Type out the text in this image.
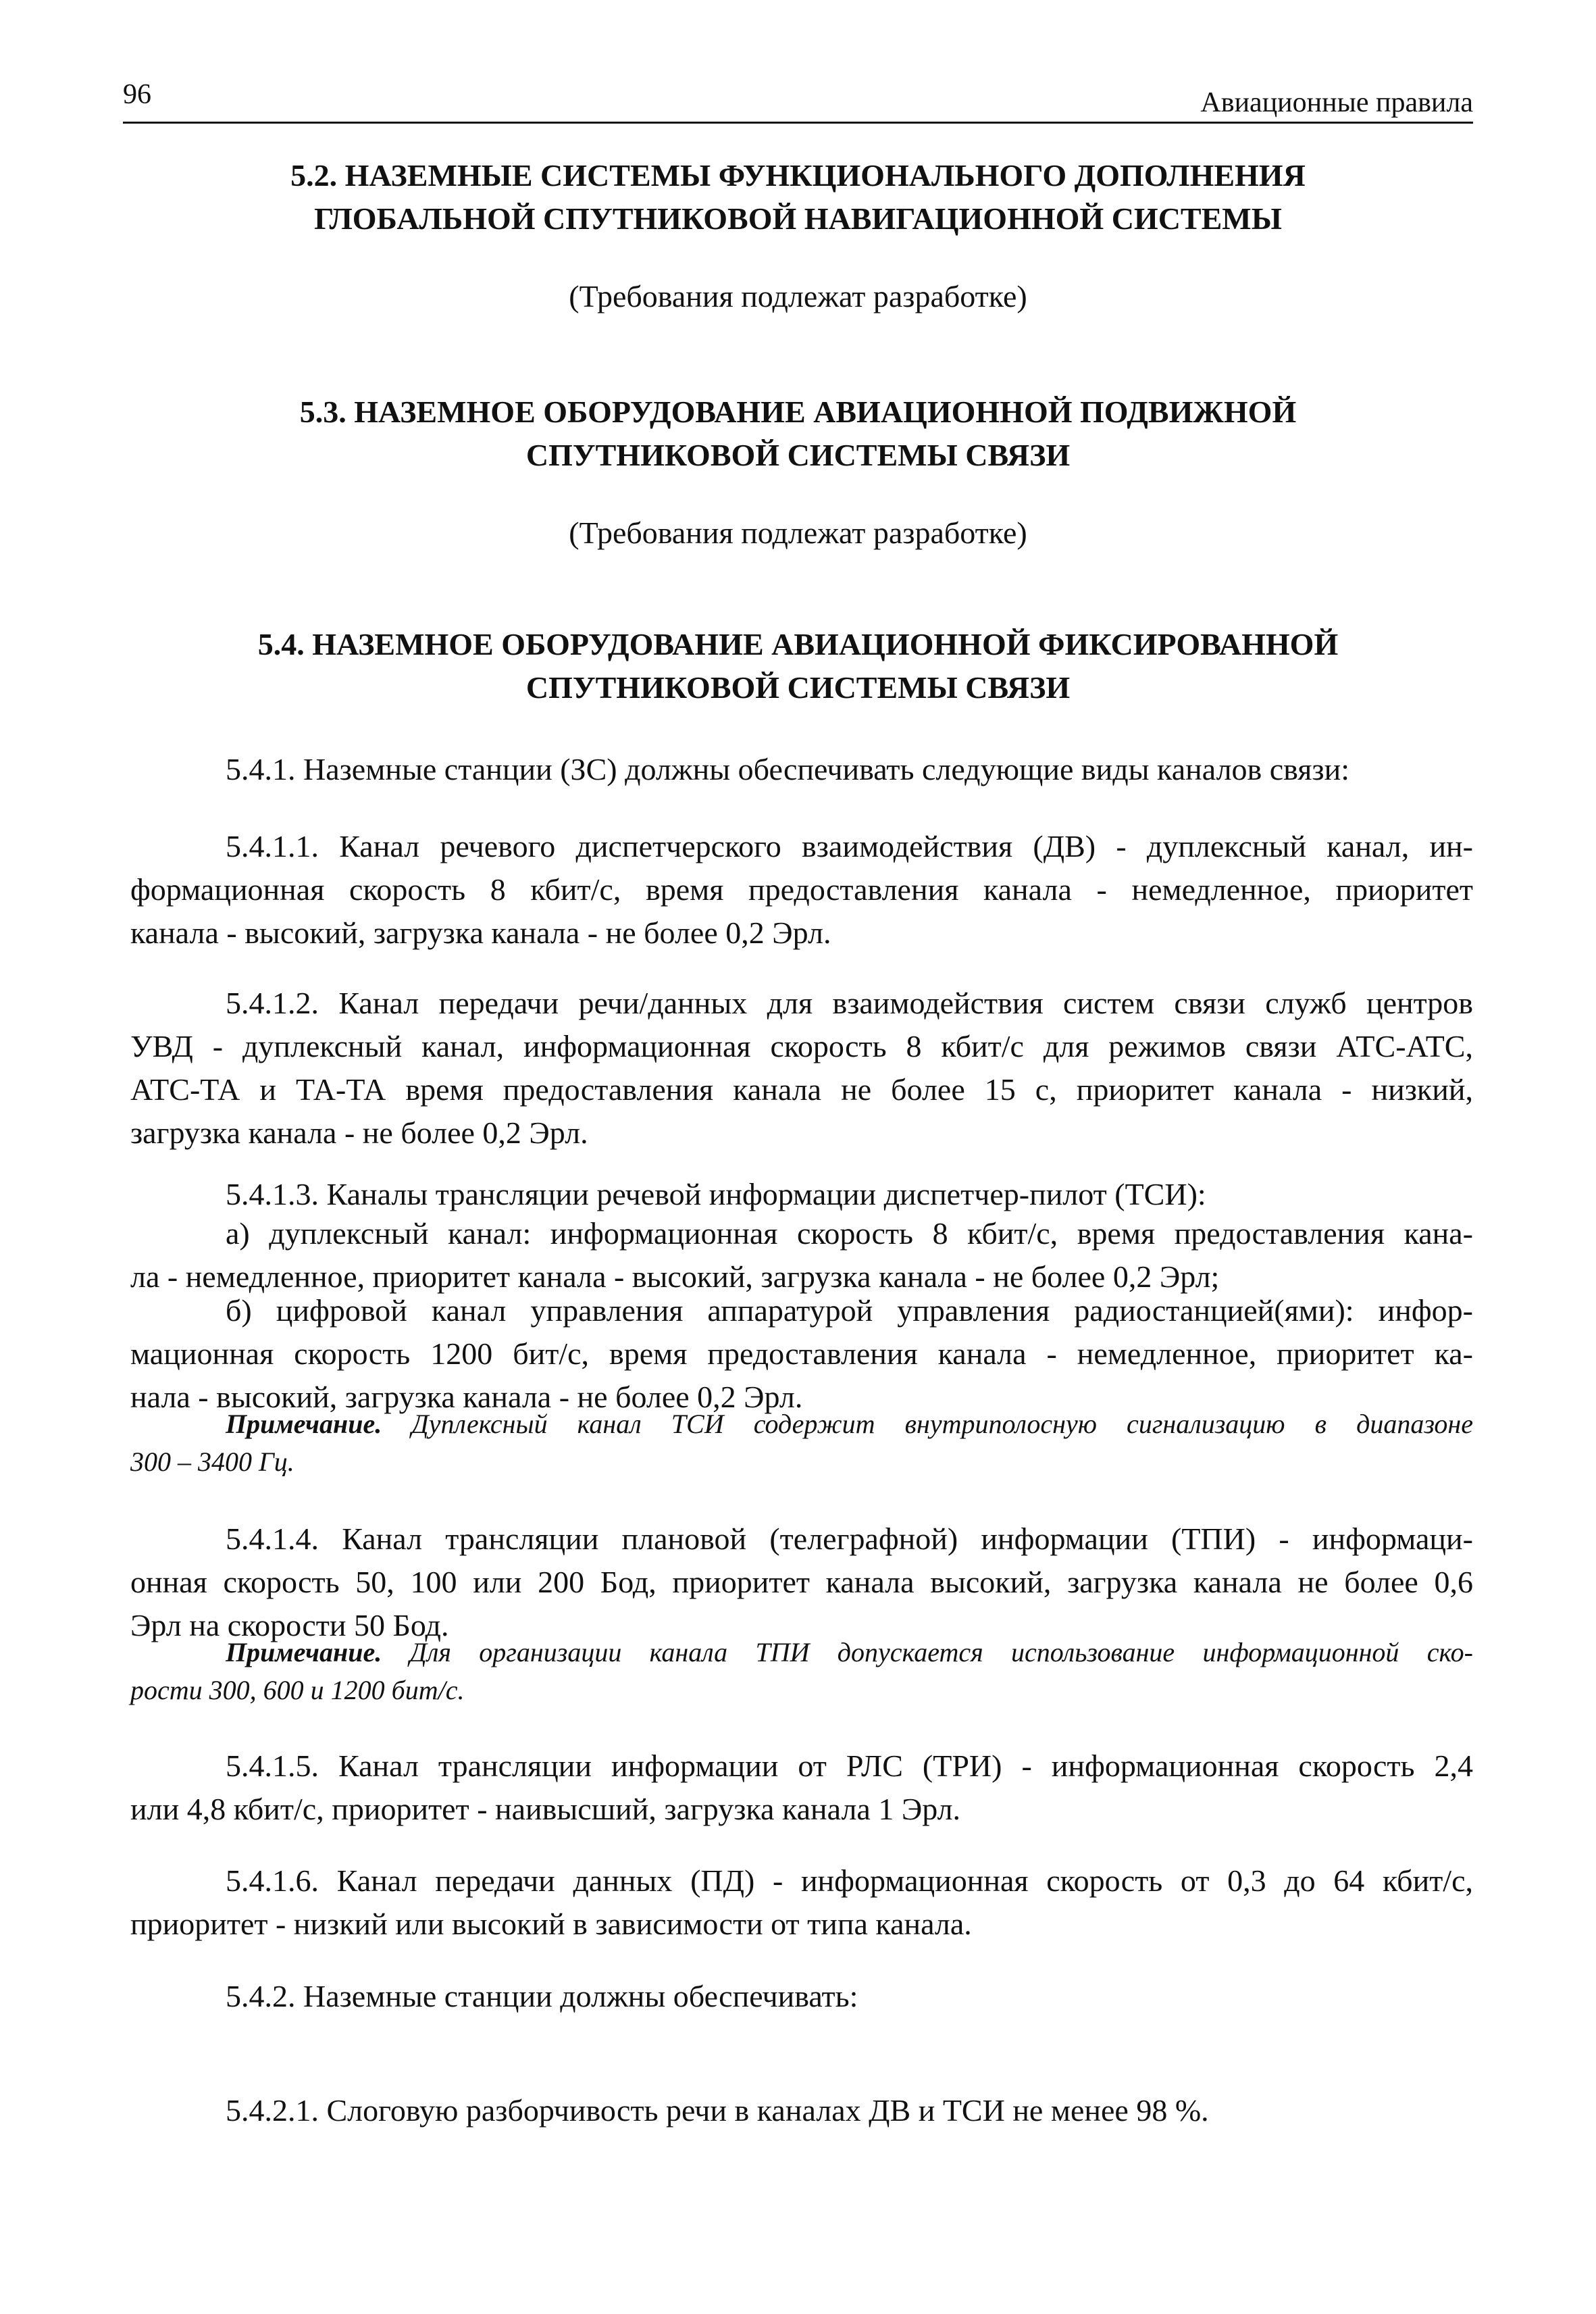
96	Авиационные правила
5.2. НАЗЕМНЫЕ СИСТЕМЫ ФУНКЦИОНАЛЬНОГО ДОПОЛНЕНИЯ
ГЛОБАЛЬНОЙ СПУТНИКОВОЙ НАВИГАЦИОННОЙ СИСТЕМЫ

(Требования подлежат разработке)

5.3. НАЗЕМНОЕ ОБОРУДОВАНИЕ АВИАЦИОННОЙ ПОДВИЖНОЙ
СПУТНИКОВОЙ СИСТЕМЫ СВЯЗИ

(Требования подлежат разработке)

5.4. НАЗЕМНОЕ ОБОРУДОВАНИЕ АВИАЦИОННОЙ ФИКСИРОВАННОЙ
СПУТНИКОВОЙ СИСТЕМЫ СВЯЗИ

5.4.1. Наземные станции (ЗС) должны обеспечивать следующие виды каналов связи:

5.4.1.1. Канал речевого диспетчерского взаимодействия (ДВ) - дуплексный канал, ин-
формационная скорость 8 кбит/с, время предоставления канала - немедленное, приоритет
канала - высокий, загрузка канала - не более 0,2 Эрл.

5.4.1.2. Канал передачи речи/данных для взаимодействия систем связи служб центров
УВД - дуплексный канал, информационная скорость 8 кбит/с для режимов связи АТС-АТС,
АТС-ТА и ТА-ТА время предоставления канала не более 15 с, приоритет канала - низкий,
загрузка канала - не более 0,2 Эрл.

5.4.1.3. Каналы трансляции речевой информации диспетчер-пилот (ТСИ):

а) дуплексный канал: информационная скорость 8 кбит/с, время предоставления кана-
ла - немедленное, приоритет канала - высокий, загрузка канала - не более 0,2 Эрл;

б) цифровой канал управления аппаратурой управления радиостанцией(ями): инфор-
мационная скорость 1200 бит/с, время предоставления канала - немедленное, приоритет ка-
нала - высокий, загрузка канала - не более 0,2 Эрл.

Примечание. Дуплексный канал ТСИ содержит внутриполосную сигнализацию в диапазоне
300 – 3400 Гц.

5.4.1.4. Канал трансляции плановой (телеграфной) информации (ТПИ) - информаци-
онная скорость 50, 100 или 200 Бод, приоритет канала высокий, загрузка канала не более 0,6
Эрл на скорости 50 Бод.

Примечание. Для организации канала ТПИ допускается использование информационной ско-
рости 300, 600 и 1200 бит/с.

5.4.1.5. Канал трансляции информации от РЛС (ТРИ) - информационная скорость 2,4
или 4,8 кбит/с, приоритет - наивысший, загрузка канала 1 Эрл.

5.4.1.6. Канал передачи данных (ПД) - информационная скорость от 0,3 до 64 кбит/с,
приоритет - низкий или высокий в зависимости от типа канала.

5.4.2. Наземные станции должны обеспечивать:

5.4.2.1. Слоговую разборчивость речи в каналах ДВ и ТСИ не менее 98 %.
